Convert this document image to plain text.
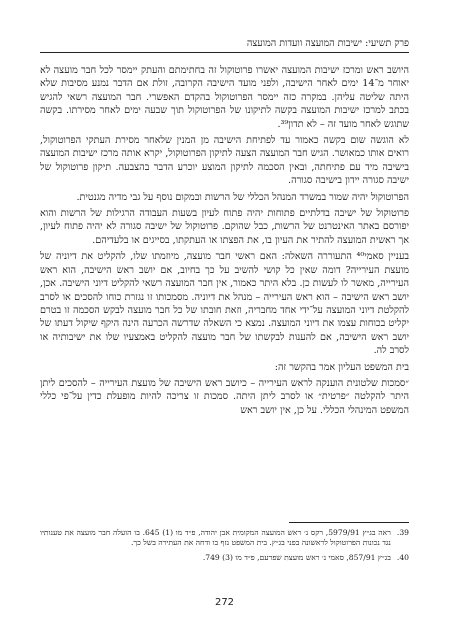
פרק תשיעי: ישיבות המועצה וועדות המועצה

היושב ראש ומרכז ישיבות המועצה יאשרו פרוטוקול זה בחתימתם והעתק יימסר לכל חבר מועצה לא יאוחר מ־14 ימים לאחר הישיבה, ולפני מועד הישיבה הקרובה, זולת אם הדבר נמנע מסיבות שלא היתה שליטה עליהן. במקרה כזה יימסר הפרוטוקול בהקדם האפשרי. חבר המועצה רשאי להגיש בכתב למרכז ישיבות המועצה בקשה לתיקונו של הפרוטוקול תוך שבעה ימים לאחר מסירתו. בקשה שתוגש לאחר מועד זה – לא תדון³⁹.

לא הוגשה שום בקשה כאמור עד לפתיחת הישיבה מן המנין שלאחר מסירת העתקי הפרוטוקול, רואים אותו כמאושר. הגיש חבר המועצה הצעה לתיקון הפרוטוקול, יקרא אותה מרכז ישיבות המועצה בישיבה מיד עם פתיחתה, ובאין הסכמה לתיקון המוצע יוכרע הדבר בהצבעה. תיקון פרוטוקול של ישיבה סגורה יידון בישיבה סגורה.

הפרוטוקול יהיה שמור במשרד המנהל הכללי של הרשות ובמקום נוסף על גבי מדיה מגנטית.

פרוטוקול של ישיבה בדלתיים פתוחות יהיה פתוח לעיון בשעות העבודה הרגילות של הרשות והוא יפורסם באתר האינטרנט של הרשות, כבל שהוקם. פרוטוקול של ישיבה סגורה לא יהיה פתוח לעיון, אך ראשית המועצה להתיר את העיון בו, את הפצתו או העתקתו, בסייגים או בלעדיהם.

בעניין סאמי⁴⁰ התעוררה השאלה: האם ראשי חבר מועצה, מיוזמתו שלו, להקליט את דיוניה של מועצת העירייה? דומה שאין כל קושי להשיב על כך בחיוב, אם יושב ראש הישיבה, הוא ראש העירייה, מאשר לו לעשות כן. בלא היתר כאמור, אין חבר המועצה רשאי להקליט דיוני הישיבה. אכן, יושב ראש הישיבה – הוא ראש העירייה – מנהל את דיוניה. מסמכותו זו נגזרת כוחו להסכים או לסרב להקלטת דיוני המועצה על־ידי אחד מחבריה, וזאת חובתו של כל חבר מועצה לבקש הסכמה זו בטרם יקליט בכוחות עצמו את דיוני המועצה. נמצא כי השאלה שדרשה הכרעה הינה היקף שיקול דעתו של יושב ראש הישיבה, אם להענות לבקשתו של חבר מועצה להקליט באמצעיו שלו את ישיבותיה או לסרב לה.

בית המשפט העליון אמר בהקשר זה:

״סמכות שלטונית הוענקה לראש העירייה – כיושב ראש הישיבה של מועצת העירייה – להסכים ליתן היתר להקלטה ״פרטית״ או לסרב ליתן היתה. סמכות זו צריכה להיות מופעלת כדין על־פי כללי המשפט המינהלי הכללי. על כן, אין יושב ראש

39.
ראה בג״ץ 5979/91, רקס נ׳ ראש המועצה המקומית אבן יהודה, פ״ד מו (1) 645. בו הועלה חבר מועצה את טענותיו נגד נכונות הפרוטוקול לראשונה בפני בג״ץ. בית המשפט נזף בו ודחה את העתירה בשל כך.
40.
בג״ץ 857/91, סאמי נ׳ ראש מועצת שפרעם, פ״ד מו (3) 749.
272
